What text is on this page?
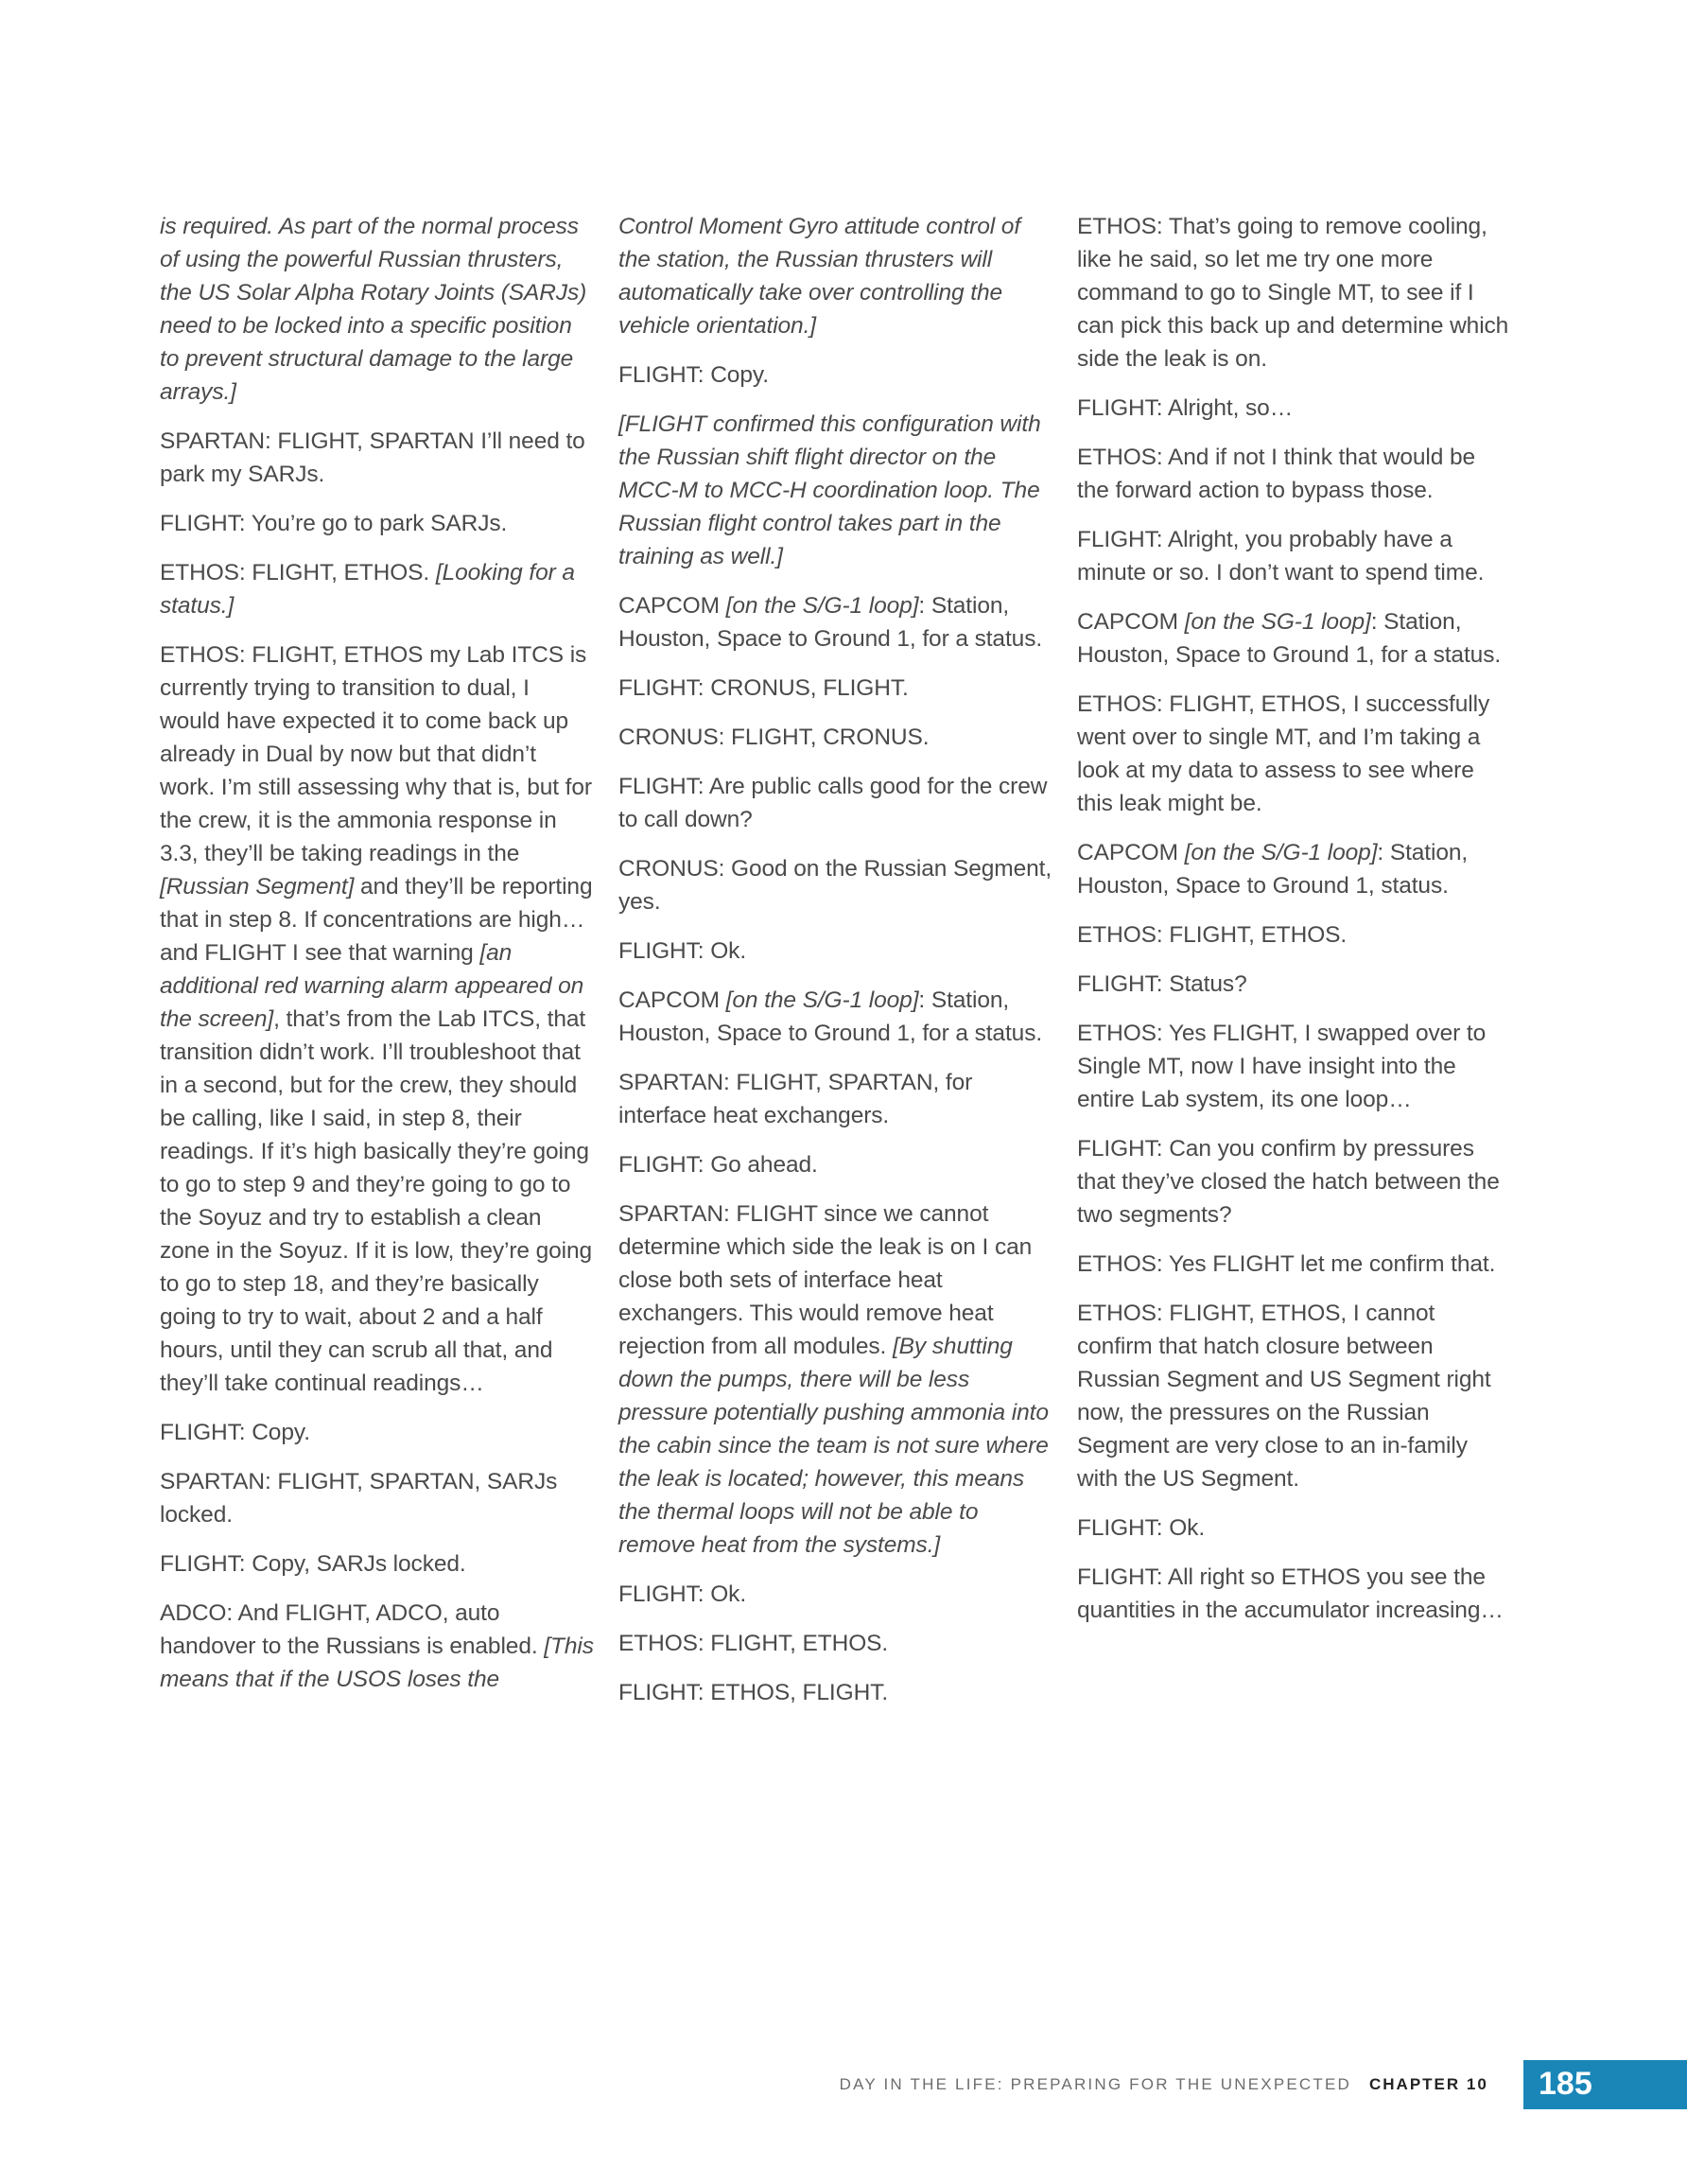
is required. As part of the normal process of using the powerful Russian thrusters, the US Solar Alpha Rotary Joints (SARJs) need to be locked into a specific position to prevent structural damage to the large arrays.]

SPARTAN: FLIGHT, SPARTAN I’ll need to park my SARJs.

FLIGHT: You’re go to park SARJs.

ETHOS: FLIGHT, ETHOS. [Looking for a status.]

ETHOS: FLIGHT, ETHOS my Lab ITCS is currently trying to transition to dual, I would have expected it to come back up already in Dual by now but that didn’t work. I’m still assessing why that is, but for the crew, it is the ammonia response in 3.3, they’ll be taking readings in the [Russian Segment] and they’ll be reporting that in step 8. If concentrations are high… and FLIGHT I see that warning [an additional red warning alarm appeared on the screen], that’s from the Lab ITCS, that transition didn’t work. I’ll troubleshoot that in a second, but for the crew, they should be calling, like I said, in step 8, their readings. If it’s high basically they’re going to go to step 9 and they’re going to go to the Soyuz and try to establish a clean zone in the Soyuz. If it is low, they’re going to go to step 18, and they’re basically going to try to wait, about 2 and a half hours, until they can scrub all that, and they’ll take continual readings…

FLIGHT: Copy.

SPARTAN: FLIGHT, SPARTAN, SARJs locked.

FLIGHT: Copy, SARJs locked.

ADCO: And FLIGHT, ADCO, auto handover to the Russians is enabled. [This means that if the USOS loses the

Control Moment Gyro attitude control of the station, the Russian thrusters will automatically take over controlling the vehicle orientation.]

FLIGHT: Copy.

[FLIGHT confirmed this configuration with the Russian shift flight director on the MCC-M to MCC-H coordination loop. The Russian flight control takes part in the training as well.]

CAPCOM [on the S/G-1 loop]: Station, Houston, Space to Ground 1, for a status.

FLIGHT: CRONUS, FLIGHT.

CRONUS: FLIGHT, CRONUS.

FLIGHT: Are public calls good for the crew to call down?

CRONUS: Good on the Russian Segment, yes.

FLIGHT: Ok.

CAPCOM [on the S/G-1 loop]: Station, Houston, Space to Ground 1, for a status.

SPARTAN: FLIGHT, SPARTAN, for interface heat exchangers.

FLIGHT: Go ahead.

SPARTAN: FLIGHT since we cannot determine which side the leak is on I can close both sets of interface heat exchangers. This would remove heat rejection from all modules. [By shutting down the pumps, there will be less pressure potentially pushing ammonia into the cabin since the team is not sure where the leak is located; however, this means the thermal loops will not be able to remove heat from the systems.]

FLIGHT: Ok.

ETHOS: FLIGHT, ETHOS.

FLIGHT: ETHOS, FLIGHT.

ETHOS: That’s going to remove cooling, like he said, so let me try one more command to go to Single MT, to see if I can pick this back up and determine which side the leak is on.

FLIGHT: Alright, so…

ETHOS: And if not I think that would be the forward action to bypass those.

FLIGHT: Alright, you probably have a minute or so. I don’t want to spend time.

CAPCOM [on the SG-1 loop]: Station, Houston, Space to Ground 1, for a status.

ETHOS: FLIGHT, ETHOS, I successfully went over to single MT, and I’m taking a look at my data to assess to see where this leak might be.

CAPCOM [on the S/G-1 loop]: Station, Houston, Space to Ground 1, status.

ETHOS: FLIGHT, ETHOS.

FLIGHT: Status?

ETHOS: Yes FLIGHT, I swapped over to Single MT, now I have insight into the entire Lab system, its one loop…

FLIGHT: Can you confirm by pressures that they’ve closed the hatch between the two segments?

ETHOS: Yes FLIGHT let me confirm that.

ETHOS: FLIGHT, ETHOS, I cannot confirm that hatch closure between Russian Segment and US Segment right now, the pressures on the Russian Segment are very close to an in-family with the US Segment.

FLIGHT: Ok.

FLIGHT: All right so ETHOS you see the quantities in the accumulator increasing…

DAY IN THE LIFE: PREPARING FOR THE UNEXPECTED CHAPTER 10 185
